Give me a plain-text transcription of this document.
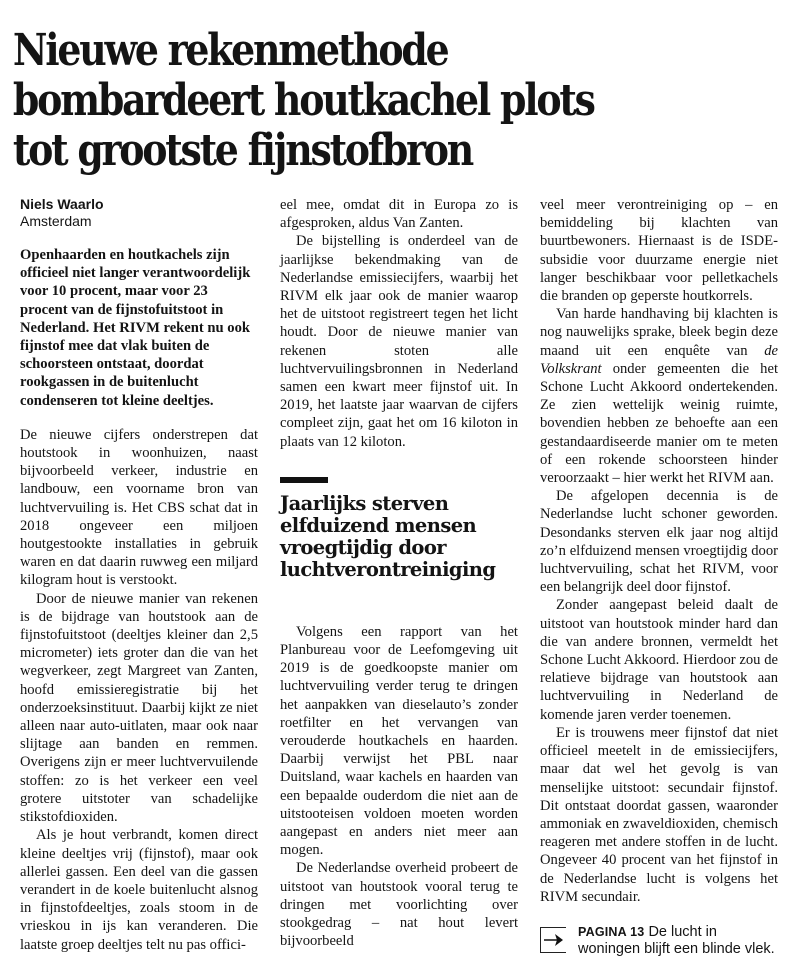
Nieuwe rekenmethode
bombardeert houtkachel plots
tot grootste fijnstofbron
Niels Waarlo
Amsterdam

Openhaarden en houtkachels zijn officieel niet langer verantwoordelijk voor 10 procent, maar voor 23 procent van de fijnstofuitstoot in Nederland. Het RIVM rekent nu ook fijnstof mee dat vlak buiten de schoorsteen ontstaat, doordat rookgassen in de buitenlucht condenseren tot kleine deeltjes.

De nieuwe cijfers onderstrepen dat houtstook in woonhuizen, naast bijvoorbeeld verkeer, industrie en landbouw, een voorname bron van luchtvervuiling is. Het CBS schat dat in 2018 ongeveer een miljoen houtgestookte installaties in gebruik waren en dat daarin ruwweg een miljard kilogram hout is verstookt.

Door de nieuwe manier van rekenen is de bijdrage van houtstook aan de fijnstofuitstoot (deeltjes kleiner dan 2,5 micrometer) iets groter dan die van het wegverkeer, zegt Margreet van Zanten, hoofd emissieregistratie bij het onderzoeksinstituut. Daarbij kijkt ze niet alleen naar auto-uitlaten, maar ook naar slijtage aan banden en remmen. Overigens zijn er meer luchtvervuilende stoffen: zo is het verkeer een veel grotere uitstoter van schadelijke stikstofdioxiden.

Als je hout verbrandt, komen direct kleine deeltjes vrij (fijnstof), maar ook allerlei gassen. Een deel van die gassen verandert in de koele buitenlucht alsnog in fijnstofdeeltjes, zoals stoom in de vrieskou in ijs kan veranderen. Die laatste groep deeltjes telt nu pas offici-

eel mee, omdat dit in Europa zo is afgesproken, aldus Van Zanten.

De bijstelling is onderdeel van de jaarlijkse bekendmaking van de Nederlandse emissiecijfers, waarbij het RIVM elk jaar ook de manier waarop het de uitstoot registreert tegen het licht houdt. Door de nieuwe manier van rekenen stoten alle luchtvervuilingsbronnen in Nederland samen een kwart meer fijnstof uit. In 2019, het laatste jaar waarvan de cijfers compleet zijn, gaat het om 16 kiloton in plaats van 12 kiloton.

Jaarlijks sterven
elfduizend mensen
vroegtijdig door
luchtverontreiniging

Volgens een rapport van het Planbureau voor de Leefomgeving uit 2019 is de goedkoopste manier om luchtvervuiling verder terug te dringen het aanpakken van dieselauto’s zonder roetfilter en het vervangen van verouderde houtkachels en haarden. Daarbij verwijst het PBL naar Duitsland, waar kachels en haarden van een bepaalde ouderdom die niet aan de uitstooteisen voldoen moeten worden aangepast en anders niet meer aan mogen.

De Nederlandse overheid probeert de uitstoot van houtstook vooral terug te dringen met voorlichting over stookgedrag – nat hout levert bijvoorbeeld

veel meer verontreiniging op – en bemiddeling bij klachten van buurtbewoners. Hiernaast is de ISDE-subsidie voor duurzame energie niet langer beschikbaar voor pelletkachels die branden op geperste houtkorrels.

Van harde handhaving bij klachten is nog nauwelijks sprake, bleek begin deze maand uit een enquête van de Volkskrant onder gemeenten die het Schone Lucht Akkoord ondertekenden. Ze zien wettelijk weinig ruimte, bovendien hebben ze behoefte aan een gestandaardiseerde manier om te meten of een rokende schoorsteen hinder veroorzaakt – hier werkt het RIVM aan.

De afgelopen decennia is de Nederlandse lucht schoner geworden. Desondanks sterven elk jaar nog altijd zo’n elfduizend mensen vroegtijdig door luchtvervuiling, schat het RIVM, voor een belangrijk deel door fijnstof.

Zonder aangepast beleid daalt de uitstoot van houtstook minder hard dan die van andere bronnen, vermeldt het Schone Lucht Akkoord. Hierdoor zou de relatieve bijdrage van houtstook aan luchtvervuiling in Nederland de komende jaren verder toenemen.

Er is trouwens meer fijnstof dat niet officieel meetelt in de emissiecijfers, maar dat wel het gevolg is van menselijke uitstoot: secundair fijnstof. Dit ontstaat doordat gassen, waaronder ammoniak en zwaveldioxiden, chemisch reageren met andere stoffen in de lucht. Ongeveer 40 procent van het fijnstof in de Nederlandse lucht is volgens het RIVM secundair.

PAGINA 13 De lucht in woningen blijft een blinde vlek.
